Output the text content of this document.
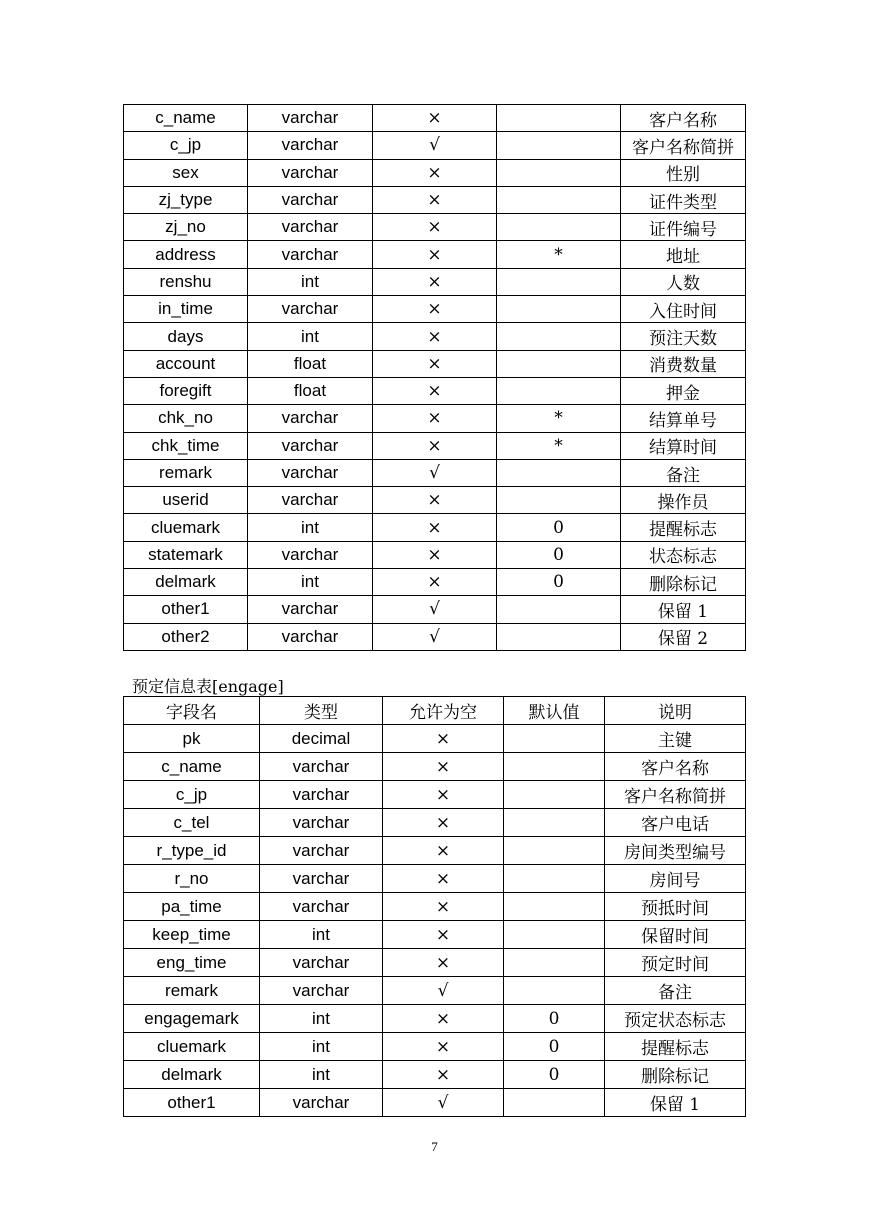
c_name	varchar	×		客户名称
c_jp	varchar	√		客户名称简拼
sex	varchar	×		性别
zj_type	varchar	×		证件类型
zj_no	varchar	×		证件编号
address	varchar	×	*	地址
renshu	int	×		人数
in_time	varchar	×		入住时间
days	int	×		预注天数
account	float	×		消费数量
foregift	float	×		押金
chk_no	varchar	×	*	结算单号
chk_time	varchar	×	*	结算时间
remark	varchar	√		备注
userid	varchar	×		操作员
cluemark	int	×	0	提醒标志
statemark	varchar	×	0	状态标志
delmark	int	×	0	删除标记
other1	varchar	√		保留 1
other2	varchar	√		保留 2
预定信息表[engage]
字段名	类型	允许为空	默认值	说明
pk	decimal	×		主键
c_name	varchar	×		客户名称
c_jp	varchar	×		客户名称简拼
c_tel	varchar	×		客户电话
r_type_id	varchar	×		房间类型编号
r_no	varchar	×		房间号
pa_time	varchar	×		预抵时间
keep_time	int	×		保留时间
eng_time	varchar	×		预定时间
remark	varchar	√		备注
engagemark	int	×	0	预定状态标志
cluemark	int	×	0	提醒标志
delmark	int	×	0	删除标记
other1	varchar	√		保留 1
7
